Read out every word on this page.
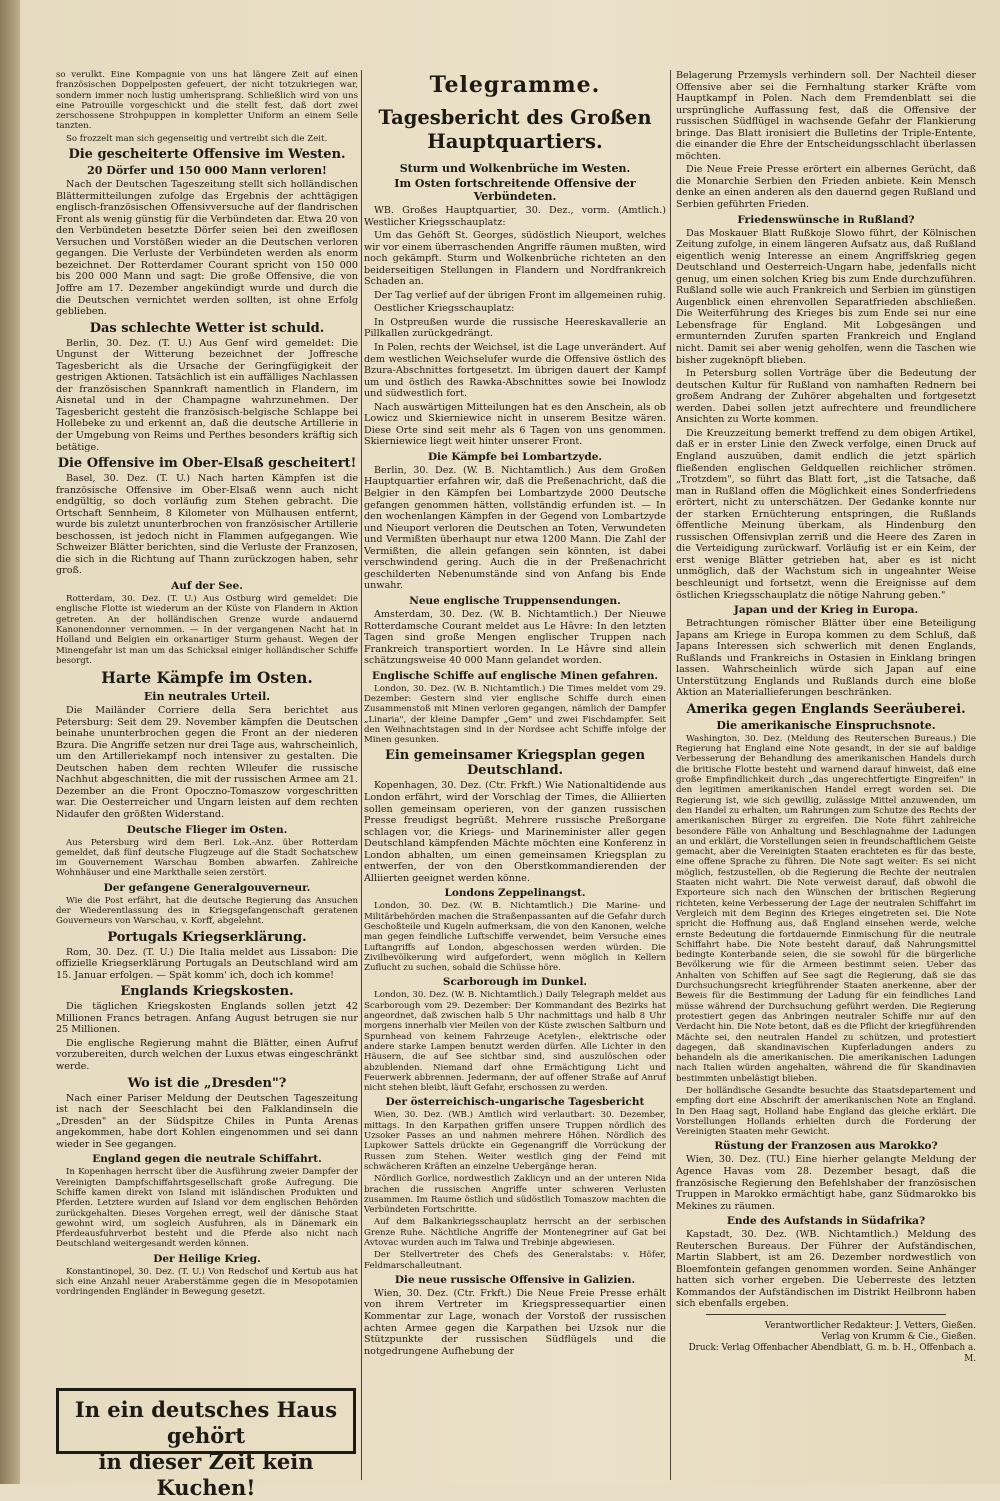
so verulkt. Eine Kompagnie von uns hat längere Zeit auf einen französischen Doppelposten gefeuert, der nicht totzukriegen war, sondern immer noch lustig umherisprang. Schließlich wird von uns eine Patrouille vorgeschickt und die stellt fest, daß dort zwei zerschossene Strohpuppen in kompletter Uniform an einem Seile tanzten.

So frozzelt man sich gegenseitig und vertreibt sich die Zeit.

Die gescheiterte Offensive im Westen.
20 Dörfer und 150 000 Mann verloren!

Nach der Deutschen Tageszeitung stellt sich holländischen Blättermitteilungen zufolge das Ergebnis der achttägigen englisch-französischen Offensivversuche auf der flandrischen Front als wenig günstig für die Verbündeten dar. Etwa 20 von den Verbündeten besetzte Dörfer seien bei den zweiflosen Versuchen und Vorstößen wieder an die Deutschen verloren gegangen. Die Verluste der Verbündeten werden als enorm bezeichnet. Der Rotterdamer Courant spricht von 150 000 bis 200 000 Mann und sagt: Die große Offensive, die von Joffre am 17. Dezember angekündigt wurde und durch die die Deutschen vernichtet werden sollten, ist ohne Erfolg geblieben.

Das schlechte Wetter ist schuld.

Berlin, 30. Dez. (T. U.) Aus Genf wird gemeldet: Die Ungunst der Witterung bezeichnet der Joffresche Tagesbericht als die Ursache der Geringfügigkeit der gestrigen Aktionen. Tatsächlich ist ein auffälliges Nachlassen der französischen Spannkraft namentlich in Flandern, im Aisnetal und in der Champagne wahrzunehmen. Der Tagesbericht gesteht die französisch-belgische Schlappe bei Hollebeke zu und erkennt an, daß die deutsche Artillerie in der Umgebung von Reims und Perthes besonders kräftig sich betätige.

Die Offensive im Ober-Elsaß gescheitert!

Basel, 30. Dez. (T. U.) Nach harten Kämpfen ist die französische Offensive im Ober-Elsaß wenn auch nicht endgültig, so doch vorläufig zum Stehen gebracht. Die Ortschaft Sennheim, 8 Kilometer von Mülhausen entfernt, wurde bis zuletzt ununterbrochen von französischer Artillerie beschossen, ist jedoch nicht in Flammen aufgegangen. Wie Schweizer Blätter berichten, sind die Verluste der Franzosen, die sich in die Richtung auf Thann zurückzogen haben, sehr groß.

Auf der See.

Rotterdam, 30. Dez. (T. U.) Aus Ostburg wird gemeldet: Die englische Flotte ist wiederum an der Küste von Flandern in Aktion getreten. An der holländischen Grenze wurde andauernd Kanonendonner vernommen. — In der vergangenen Nacht hat in Holland und Belgien ein orkanartiger Sturm gehaust. Wegen der Minengefahr ist man um das Schicksal einiger holländischer Schiffe besorgt.

Harte Kämpfe im Osten.
Ein neutrales Urteil.

Die Mailänder Corriere della Sera berichtet aus Petersburg: Seit dem 29. November kämpfen die Deutschen beinahe ununterbrochen gegen die Front an der niederen Bzura. Die Angriffe setzen nur drei Tage aus, wahrscheinlich, um den Artilleriekampf noch intensiver zu gestalten. Die Deutschen haben dem rechten Wlleufer die russische Nachhut abgeschnitten, die mit der russischen Armee am 21. Dezember an die Front Opoczno-Tomaszow vorgeschritten war. Die Oesterreicher und Ungarn leisten auf dem rechten Nidaufer den größten Widerstand.

Deutsche Flieger im Osten.

Aus Petersburg wird dem Berl. Lok.-Anz. über Rotterdam gemeldet, daß fünf deutsche Flugzeuge auf die Stadt Sochatschew im Gouvernement Warschau Bomben abwarfen. Zahlreiche Wohnhäuser und eine Markthalle seien zerstört.

Der gefangene Generalgouverneur.

Wie die Post erfährt, hat die deutsche Regierung das Ansuchen der Wiederentlassung des in Kriegsgefangenschaft geratenen Gouverneurs von Warschau, v. Korff, abgelehnt.

Portugals Kriegserklärung.

Rom, 30. Dez. (T. U.) Die Italia meldet aus Lissabon: Die offizielle Kriegserklärung Portugals an Deutschland wird am 15. Januar erfolgen. — Spät komm' ich, doch ich komme!

Englands Kriegskosten.

Die täglichen Kriegskosten Englands sollen jetzt 42 Millionen Francs betragen. Anfang August betrugen sie nur 25 Millionen.

Die englische Regierung mahnt die Blätter, einen Aufruf vorzubereiten, durch welchen der Luxus etwas eingeschränkt werde.

Wo ist die „Dresden"?

Nach einer Pariser Meldung der Deutschen Tageszeitung ist nach der Seeschlacht bei den Falklandinseln die „Dresden" an der Südspitze Chiles in Punta Arenas angekommen, habe dort Kohlen eingenommen und sei dann wieder in See gegangen.

England gegen die neutrale Schiffahrt.

In Kopenhagen herrscht über die Ausführung zweier Dampfer der Vereinigten Dampfschiffahrtsgesellschaft große Aufregung. Die Schiffe kamen direkt von Island mit isländischen Produkten und Pferden. Letztere wurden auf Island vor dem englischen Behörden zurückgehalten. Dieses Vorgehen erregt, weil der dänische Staat gewohnt wird, um sogleich Ausfuhren, als in Dänemark ein Pferdeausfuhrverbot besteht und die Pferde also nicht nach Deutschland weitergesandt werden können.

Der Heilige Krieg.

Konstantinopel, 30. Dez. (T. U.) Von Redschof und Kertub aus hat sich eine Anzahl neuer Araberstämme gegen die in Mesopotamien vordringenden Engländer in Bewegung gesetzt.

In ein deutsches Haus gehört
in dieser Zeit kein Kuchen!
Telegramme.
Tagesbericht des Großen Hauptquartiers.
Sturm und Wolkenbrüche im Westen.
Im Osten fortschreitende Offensive der Verbündeten.

WB. Großes Hauptquartier, 30. Dez., vorm. (Amtlich.) Westlicher Kriegsschauplatz:

Um das Gehöft St. Georges, südöstlich Nieuport, welches wir vor einem überraschenden Angriffe räumen mußten, wird noch gekämpft. Sturm und Wolkenbrüche richteten an den beiderseitigen Stellungen in Flandern und Nordfrankreich Schaden an.

Der Tag verlief auf der übrigen Front im allgemeinen ruhig.

Oestlicher Kriegsschauplatz:

In Ostpreußen wurde die russische Heereskavallerie an Pillkallen zurückgedrängt.

In Polen, rechts der Weichsel, ist die Lage unverändert. Auf dem westlichen Weichselufer wurde die Offensive östlich des Bzura-Abschnittes fortgesetzt. Im übrigen dauert der Kampf um und östlich des Rawka-Abschnittes sowie bei Inowlodz und südwestlich fort.

Nach auswärtigen Mitteilungen hat es den Anschein, als ob Lowicz und Skierniewice nicht in unserem Besitze wären. Diese Orte sind seit mehr als 6 Tagen von uns genommen. Skierniewice liegt weit hinter unserer Front.

Die Kämpfe bei Lombartzyde.

Berlin, 30. Dez. (W. B. Nichtamtlich.) Aus dem Großen Hauptquartier erfahren wir, daß die Preßenachricht, daß die Belgier in den Kämpfen bei Lombartzyde 2000 Deutsche gefangen genommen hätten, vollständig erfunden ist. — In den wochenlangen Kämpfen in der Gegend von Lombartzyde und Nieuport verloren die Deutschen an Toten, Verwundeten und Vermißten überhaupt nur etwa 1200 Mann. Die Zahl der Vermißten, die allein gefangen sein könnten, ist dabei verschwindend gering. Auch die in der Preßenachricht geschilderten Nebenumstände sind von Anfang bis Ende unwahr.

Neue englische Truppensendungen.

Amsterdam, 30. Dez. (W. B. Nichtamtlich.) Der Nieuwe Rotterdamsche Courant meldet aus Le Hâvre: In den letzten Tagen sind große Mengen englischer Truppen nach Frankreich transportiert worden. In Le Hâvre sind allein schätzungsweise 40 000 Mann gelandet worden.

Englische Schiffe auf englische Minen gefahren.

London, 30. Dez. (W. B. Nichtamtlich.) Die Times meldet vom 29. Dezember: Gestern sind vier englische Schiffe durch einen Zusammenstoß mit Minen verloren gegangen, nämlich der Dampfer „Linaria", der kleine Dampfer „Gem" und zwei Fischdampfer. Seit den Weihnachtstagen sind in der Nordsee acht Schiffe infolge der Minen gesunken.

Ein gemeinsamer Kriegsplan gegen Deutschland.

Kopenhagen, 30. Dez. (Ctr. Frkft.) Wie Nationaltidende aus London erfährt, wird der Vorschlag der Times, die Alliierten sollen gemeinsam operieren, von der ganzen russischen Presse freudigst begrüßt. Mehrere russische Preßorgane schlagen vor, die Kriegs- und Marineminister aller gegen Deutschland kämpfenden Mächte möchten eine Konferenz in London abhalten, um einen gemeinsamen Kriegsplan zu entwerfen, der von den Oberstkommandierenden der Alliierten geeignet werden könne.

Londons Zeppelinangst.

London, 30. Dez. (W. B. Nichtamtlich.) Die Marine- und Militärbehörden machen die Straßenpassanten auf die Gefahr durch Geschoßteile und Kugeln aufmerksam, die von den Kanonen, welche man gegen feindliche Luftschiffe verwendet, beim Versuche eines Luftangriffs auf London, abgeschossen werden würden. Die Zivilbevölkerung wird aufgefordert, wenn möglich in Kellern Zuflucht zu suchen, sobald die Schüsse höre.

Scarborough im Dunkel.

London, 30. Dez. (W. B. Nichtamtlich.) Daily Telegraph meldet aus Scarborough vom 29. Dezember: Der Kommandant des Bezirks hat angeordnet, daß zwischen halb 5 Uhr nachmittags und halb 8 Uhr morgens innerhalb vier Meilen von der Küste zwischen Saltburn und Spurnhead von keinem Fahrzeuge Acetylen-, elektrische oder andere starke Lampen benutzt werden dürfen. Alle Lichter in den Häusern, die auf See sichtbar sind, sind auszulöschen oder abzublenden. Niemand darf ohne Ermächtigung Licht und Feuerwerk abbrennen. Jedermann, der auf offener Straße auf Anruf nicht stehen bleibt, läuft Gefahr, erschossen zu werden.

Der österreichisch-ungarische Tagesbericht

Wien, 30. Dez. (WB.) Amtlich wird verlautbart: 30. Dezember, mittags. In den Karpathen griffen unsere Truppen nördlich des Uzsoker Passes an und nahmen mehrere Höhen. Nördlich des Lupkower Sattels drückte ein Gegenangriff die Vorrückung der Russen zum Stehen. Weiter westlich ging der Feind mit schwächeren Kräften an einzelne Uebergänge heran.

Nördlich Gorlice, nordwestlich Zaklicyn und an der unteren Nida brachen die russischen Angriffe unter schweren Verlusten zusammen. Im Raume östlich und südöstlich Tomaszow machten die Verbündeten Fortschritte.

Auf dem Balkankriegsschauplatz herrscht an der serbischen Grenze Ruhe. Nächtliche Angriffe der Montenegriner auf Gat bei Avtovac wurden auch im Talwa und Trebinje abgewiesen.

Der Stellvertreter des Chefs des Generalstabs: v. Höfer, Feldmarschalleutnant.

Die neue russische Offensive in Galizien.

Wien, 30. Dez. (Ctr. Frkft.) Die Neue Freie Presse erhält von ihrem Vertreter im Kriegspressequartier einen Kommentar zur Lage, wonach der Vorstoß der russischen achten Armee gegen die Karpathen bei Uzsok nur die Stützpunkte der russischen Südflügels und die notgedrungene Aufhebung der

Belagerung Przemysls verhindern soll. Der Nachteil dieser Offensive aber sei die Fernhaltung starker Kräfte vom Hauptkampf in Polen. Nach dem Fremdenblatt sei die ursprüngliche Auffassung fest, daß die Offensive der russischen Südflügel in wachsende Gefahr der Flankierung bringe. Das Blatt ironisiert die Bulletins der Triple-Entente, die einander die Ehre der Entscheidungsschlacht überlassen möchten.

Die Neue Freie Presse erörtert ein albernes Gerücht, daß die Monarchie Serbien den Frieden anbiete. Kein Mensch denke an einen anderen als den dauernd gegen Rußland und Serbien geführten Frieden.

Friedenswünsche in Rußland?

Das Moskauer Blatt Rußkoje Slowo führt, der Kölnischen Zeitung zufolge, in einem längeren Aufsatz aus, daß Rußland eigentlich wenig Interesse an einem Angriffskrieg gegen Deutschland und Oesterreich-Ungarn habe, jedenfalls nicht genug, um einen solchen Krieg bis zum Ende durchzuführen. Rußland solle wie auch Frankreich und Serbien im günstigen Augenblick einen ehrenvollen Separatfrieden abschließen. Die Weiterführung des Krieges bis zum Ende sei nur eine Lebensfrage für England. Mit Lobgesängen und ermunternden Zurufen sparten Frankreich und England nicht. Damit sei aber wenig geholfen, wenn die Taschen wie bisher zugeknöpft blieben.

In Petersburg sollen Vorträge über die Bedeutung der deutschen Kultur für Rußland von namhaften Rednern bei großem Andrang der Zuhörer abgehalten und fortgesetzt werden. Dabei sollen jetzt aufrechtere und freundlichere Ansichten zu Worte kommen.

Die Kreuzzeitung bemerkt treffend zu dem obigen Artikel, daß er in erster Linie den Zweck verfolge, einen Druck auf England auszuüben, damit endlich die jetzt spärlich fließenden englischen Geldquellen reichlicher strömen. „Trotzdem", so führt das Blatt fort, „ist die Tatsache, daß man in Rußland offen die Möglichkeit eines Sonderfriedens erörtert, nicht zu unterschätzen. Der Gedanke konnte nur der starken Ernüchterung entspringen, die Rußlands öffentliche Meinung überkam, als Hindenburg den russischen Offensivplan zerriß und die Heere des Zaren in die Verteidigung zurückwarf. Vorläufig ist er ein Keim, der erst wenige Blätter getrieben hat, aber es ist nicht unmöglich, daß der Wachstum sich in ungeahnter Weise beschleunigt und fortsetzt, wenn die Ereignisse auf dem östlichen Kriegsschauplatz die nötige Nahrung geben."

Japan und der Krieg in Europa.

Betrachtungen römischer Blätter über eine Beteiligung Japans am Kriege in Europa kommen zu dem Schluß, daß Japans Interessen sich schwerlich mit denen Englands, Rußlands und Frankreichs in Ostasien in Einklang bringen lassen. Wahrscheinlich würde sich Japan auf eine Unterstützung Englands und Rußlands durch eine bloße Aktion an Materiallieferungen beschränken.

Amerika gegen Englands Seeräuberei.
Die amerikanische Einspruchsnote.

Washington, 30. Dez. (Meldung des Reuterschen Bureaus.) Die Regierung hat England eine Note gesandt, in der sie auf baldige Verbesserung der Behandlung des amerikanischen Handels durch die britische Flotte besteht und warnend darauf hinweist, daß eine große Empfindlichkeit durch „das ungerechtfertigte Eingreifen" in den legitimen amerikanischen Handel erregt worden sei. Die Regierung ist, wie sich gewillig, zulässige Mittel anzuwenden, um den Handel zu erhalten, um Rahrungen zum Schutze des Rechts der amerikanischen Bürger zu ergreifen. Die Note führt zahlreiche besondere Fälle von Anhaltung und Beschlagnahme der Ladungen an und erklärt, die Vorstellungen seien in freundschaftlichem Geiste gemacht, aber die Vereinigten Staaten erachteten es für das beste, eine offene Sprache zu führen. Die Note sagt weiter: Es sei nicht möglich, festzustellen, ob die Regierung die Rechte der neutralen Staaten nicht wahrt. Die Note verweist darauf, daß obwohl die Exporteure sich nach den Wünschen der britischen Regierung richteten, keine Verbesserung der Lage der neutralen Schiffahrt im Vergleich mit dem Beginn des Krieges eingetreten sei. Die Note spricht die Hoffnung aus, daß England einsehen werde, welche ernste Bedeutung die fortdauernde Einmischung für die neutrale Schiffahrt habe. Die Note besteht darauf, daß Nahrungsmittel bedingte Konterbande seien, die sie sowohl für die bürgerliche Bevölkerung wie für die Armeen bestimmt seien. Ueber das Anhalten von Schiffen auf See sagt die Regierung, daß sie das Durchsuchungsrecht kriegführender Staaten anerkenne, aber der Beweis für die Bestimmung der Ladung für ein feindliches Land müsse während der Durchsuchung geführt werden. Die Regierung protestiert gegen das Anbringen neutraler Schiffe nur auf den Verdacht hin. Die Note betont, daß es die Pflicht der kriegführenden Mächte sei, den neutralen Handel zu schützen, und protestiert dagegen, daß skandinavischen Kupferladungen anders zu behandeln als die amerikanischen. Die amerikanischen Ladungen nach Italien würden angehalten, während die für Skandinavien bestimmten unbelästigt blieben.

Der holländische Gesandte besuchte das Staatsdepartement und empfing dort eine Abschrift der amerikanischen Note an England. In Den Haag sagt, Holland habe England das gleiche erklärt. Die Vorstellungen Hollands erhielten durch die Forderung der Vereinigten Staaten mehr Gewicht.

Rüstung der Franzosen aus Marokko?

Wien, 30. Dez. (TU.) Eine hierher gelangte Meldung der Agence Havas vom 28. Dezember besagt, daß die französische Regierung den Befehlshaber der französischen Truppen in Marokko ermächtigt habe, ganz Südmarokko bis Mekines zu räumen.

Ende des Aufstands in Südafrika?

Kapstadt, 30. Dez. (WB. Nichtamtlich.) Meldung des Reuterschen Bureaus. Der Führer der Aufständischen, Martin Slabbert, ist am 26. Dezember nordwestlich von Bloemfontein gefangen genommen worden. Seine Anhänger hatten sich vorher ergeben. Die Ueberreste des letzten Kommandos der Aufständischen im Distrikt Heilbronn haben sich ebenfalls ergeben.

Verantwortlicher Redakteur: J. Vetters, Gießen.
Verlag von Krumm & Cie., Gießen.
Druck: Verlag Offenbacher Abendblatt, G. m. b. H., Offenbach a. M.
